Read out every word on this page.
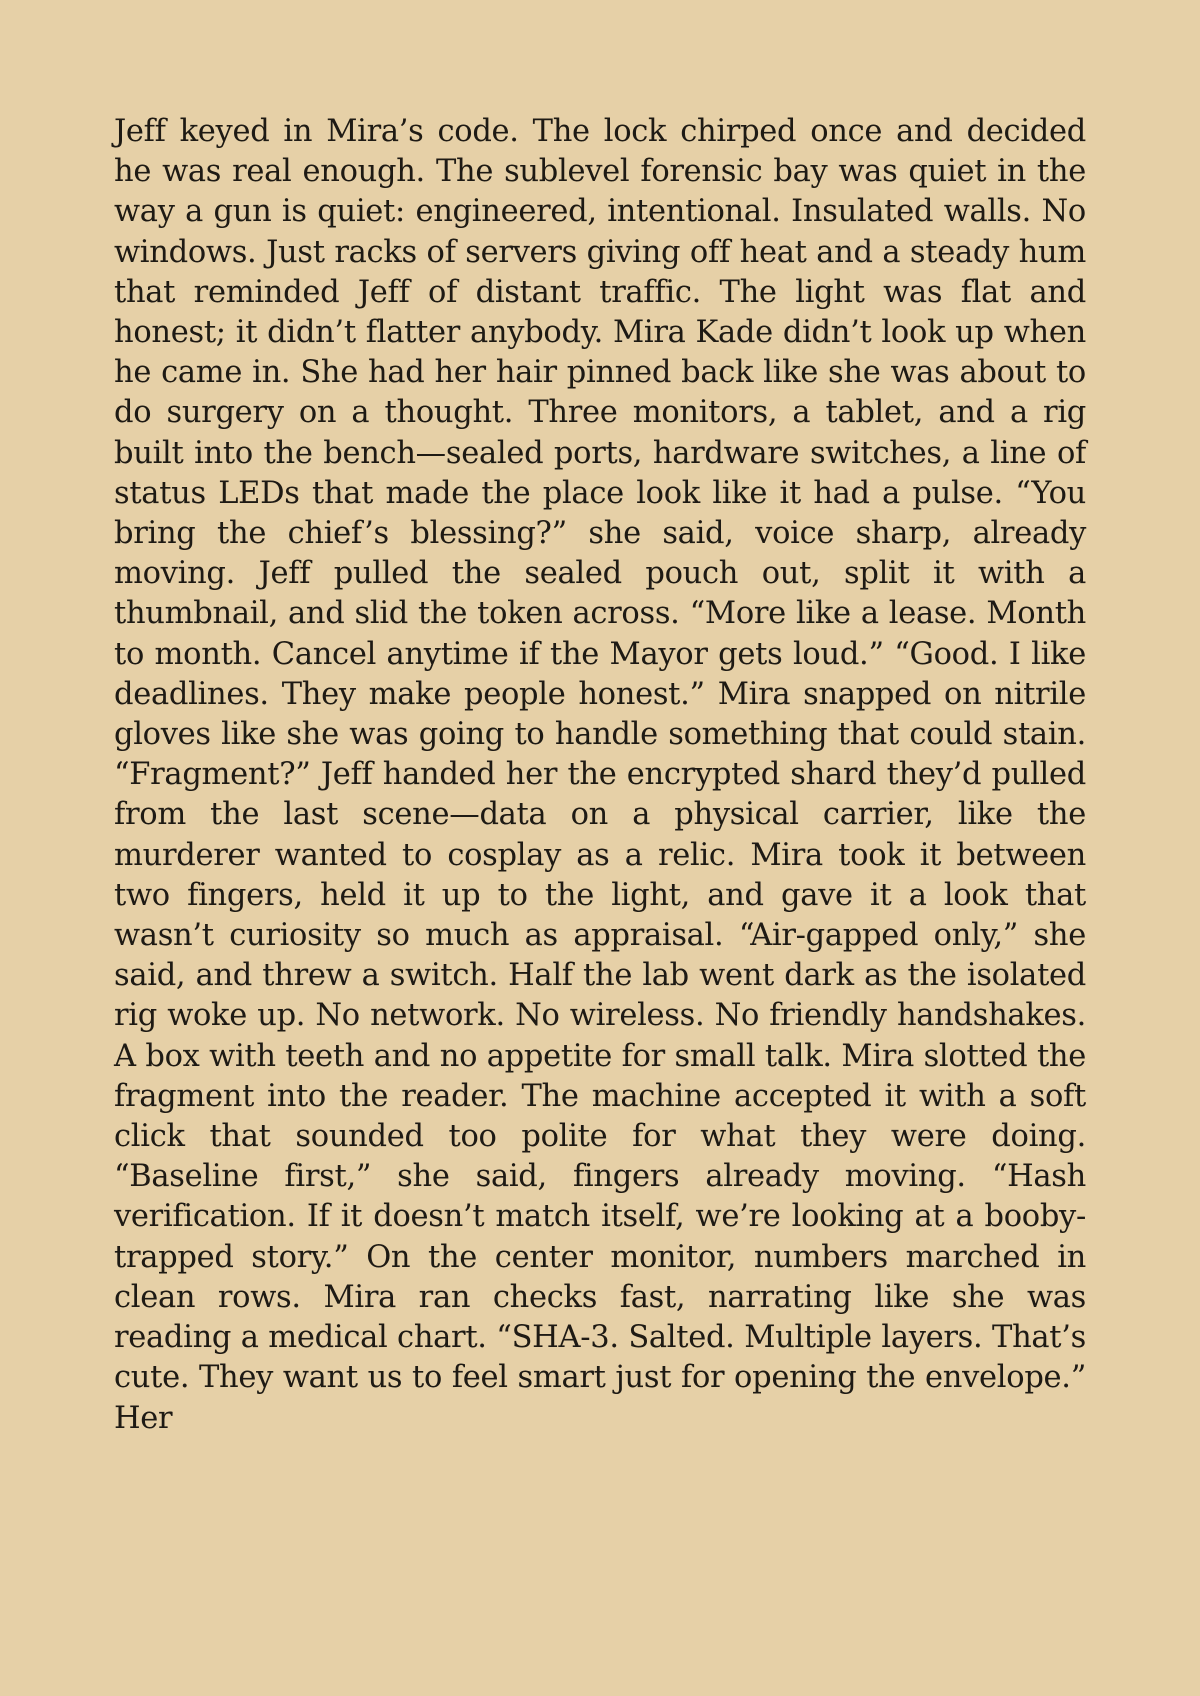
Jeff keyed in Mira’s code. The lock chirped once and decided he was real enough. The sublevel forensic bay was quiet in the way a gun is quiet: engineered, intentional. Insulated walls. No windows. Just racks of servers giving off heat and a steady hum that reminded Jeff of distant traffic. The light was flat and honest; it didn’t flatter anybody. Mira Kade didn’t look up when he came in. She had her hair pinned back like she was about to do surgery on a thought. Three monitors, a tablet, and a rig built into the bench—sealed ports, hardware switches, a line of status LEDs that made the place look like it had a pulse. “You bring the chief’s blessing?” she said, voice sharp, already moving. Jeff pulled the sealed pouch out, split it with a thumbnail, and slid the token across. “More like a lease. Month to month. Cancel anytime if the Mayor gets loud.” “Good. I like deadlines. They make people honest.” Mira snapped on nitrile gloves like she was going to handle something that could stain. “Fragment?” Jeff handed her the encrypted shard they’d pulled from the last scene—data on a physical carrier, like the murderer wanted to cosplay as a relic. Mira took it between two fingers, held it up to the light, and gave it a look that wasn’t curiosity so much as appraisal. “Air-gapped only,” she said, and threw a switch. Half the lab went dark as the isolated rig woke up. No network. No wireless. No friendly handshakes. A box with teeth and no appetite for small talk. Mira slotted the fragment into the reader. The machine accepted it with a soft click that sounded too polite for what they were doing. “Baseline first,” she said, fingers already moving. “Hash verification. If it doesn’t match itself, we’re looking at a booby-trapped story.” On the center monitor, numbers marched in clean rows. Mira ran checks fast, narrating like she was reading a medical chart. “SHA-3. Salted. Multiple layers. That’s cute. They want us to feel smart just for opening the envelope.” Her
